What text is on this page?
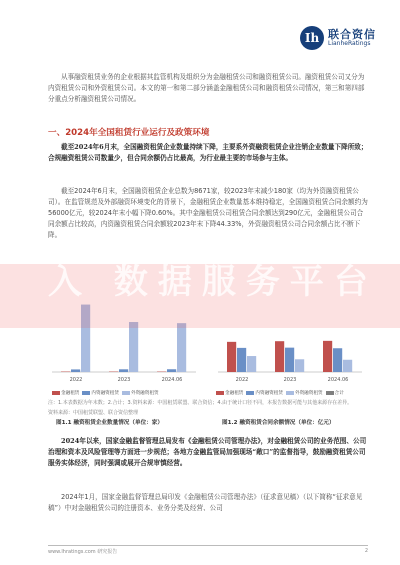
Ih 联合资信
LianheRatings
从事融资租赁业务的企业根据其监管机构及组织分为金融租赁公司和融资租赁公司。融资租赁公司又分为内资租赁公司和外资租赁公司。本文的第一和第二部分涵盖金融租赁公司和融资租赁公司情况，第三和第四部分重点分析融资租赁公司情况。
一、2024年全国租赁行业运行及政策环境
截至2024年6月末，全国融资租赁企业数量持续下降，主要系外资融资租赁企业注销企业数量下降所致；合规融资租赁公司数量少，但合同余额仍占比最高，为行业最主要的市场参与主体。
截至2024年6月末，全国融资租赁企业总数为8671家，较2023年末减少180家（均为外资融资租赁公司）。在监管规范及外部融资环境变化的背景下，金融租赁企业数量基本维持稳定，全国融资租赁合同余额约为56000亿元，较2024年末小幅下降0.60%。其中金融租赁公司租赁合同余额达到290亿元，金融租赁公司合同余额占比较高，内资融资租赁合同余额较2023年末下降44.33%，外资融资租赁公司合同余额占比不断下降。
2022	2023	2024.06
金融租赁	内资融资租赁	外资融资租赁
2022	2023	2024.06
金融租赁	内资融资租赁	外资融资租赁	合计
注：1.本表数据为年末数；2.合计；3.资料来源：中国租赁联盟、联合资信；4.由于统计口径不同，本报告数据可能与其他来源存在差异。
资料来源：中国租赁联盟、联合资信整理
图1.1 融资租赁企业数量情况（单位：家）	图1.2 融资租赁合同余额情况（单位：亿元）
2024年以来，国家金融监督管理总局发布《金融租赁公司管理办法》，对金融租赁公司的业务范围、公司治理和资本及风险管理等方面进一步规范；各地方金融监管局加强现场“敞口”的监督指导，鼓励融资租赁公司服务实体经济，同时强调或展开合规审慎经营。
2024年1月，国家金融监督管理总局印发《金融租赁公司管理办法》（征求意见稿）（以下简称“征求意见稿”）中对金融租赁公司的注册资本、业务分类及经营、公司
www.lhratings.com 研究报告	2
入 数据服务平台
